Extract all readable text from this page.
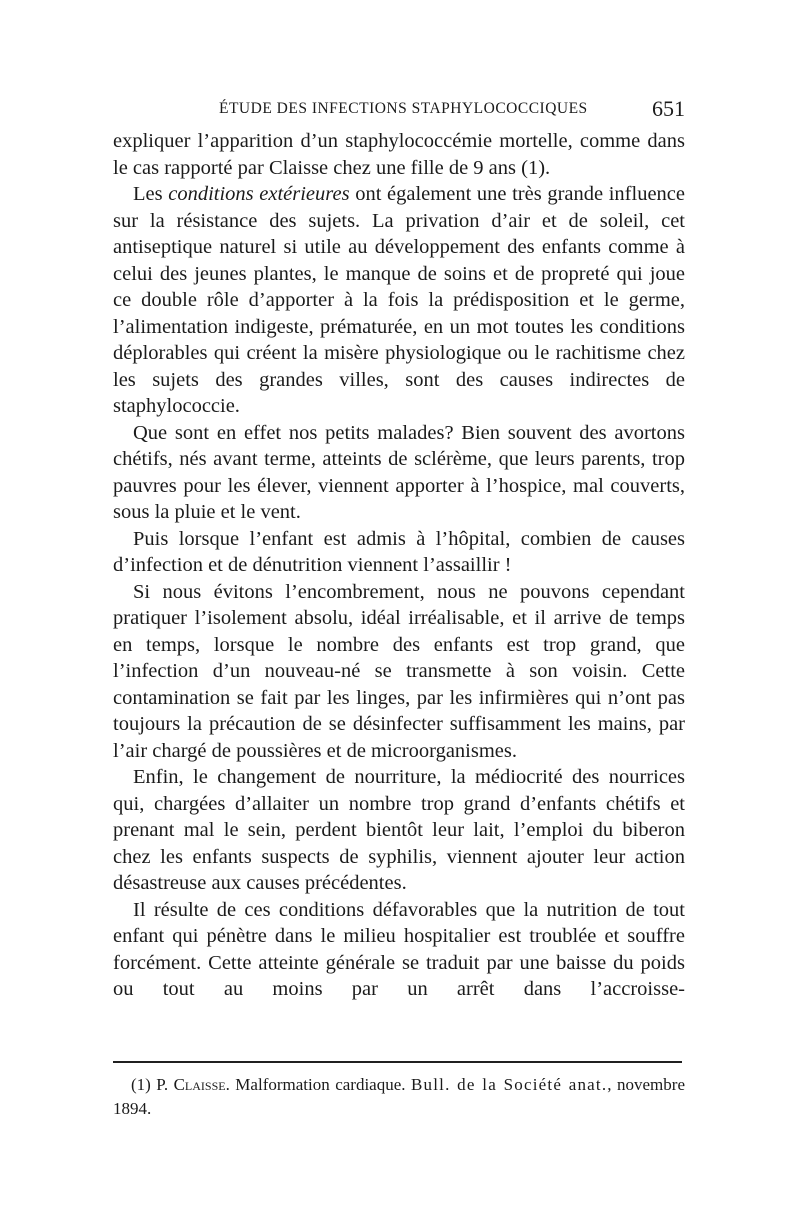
ÉTUDE DES INFECTIONS STAPHYLOCOCCIQUES	651

expliquer l’apparition d’un staphylococcémie mortelle, comme dans le cas rapporté par Claisse chez une fille de 9 ans (1).

Les conditions extérieures ont également une très grande influence sur la résistance des sujets. La privation d’air et de soleil, cet antiseptique naturel si utile au développement des enfants comme à celui des jeunes plantes, le manque de soins et de propreté qui joue ce double rôle d’apporter à la fois la prédisposition et le germe, l’alimentation indigeste, prématurée, en un mot toutes les conditions déplorables qui créent la misère physiologique ou le rachitisme chez les sujets des grandes villes, sont des causes indirectes de staphylococcie.

Que sont en effet nos petits malades? Bien souvent des avortons chétifs, nés avant terme, atteints de sclérème, que leurs parents, trop pauvres pour les élever, viennent apporter à l’hospice, mal couverts, sous la pluie et le vent.

Puis lorsque l’enfant est admis à l’hôpital, combien de causes d’infection et de dénutrition viennent l’assaillir !

Si nous évitons l’encombrement, nous ne pouvons cependant pratiquer l’isolement absolu, idéal irréalisable, et il arrive de temps en temps, lorsque le nombre des enfants est trop grand, que l’infection d’un nouveau-né se transmette à son voisin. Cette contamination se fait par les linges, par les infirmières qui n’ont pas toujours la précaution de se désinfecter suffisamment les mains, par l’air chargé de poussières et de microorganismes.

Enfin, le changement de nourriture, la médiocrité des nourrices qui, chargées d’allaiter un nombre trop grand d’enfants chétifs et prenant mal le sein, perdent bientôt leur lait, l’emploi du biberon chez les enfants suspects de syphilis, viennent ajouter leur action désastreuse aux causes précédentes.

Il résulte de ces conditions défavorables que la nutrition de tout enfant qui pénètre dans le milieu hospitalier est troublée et souffre forcément. Cette atteinte générale se traduit par une baisse du poids ou tout au moins par un arrêt dans l’accroisse-

(1) P. Claisse. Malformation cardiaque. Bull. de la Société anat., novembre 1894.
